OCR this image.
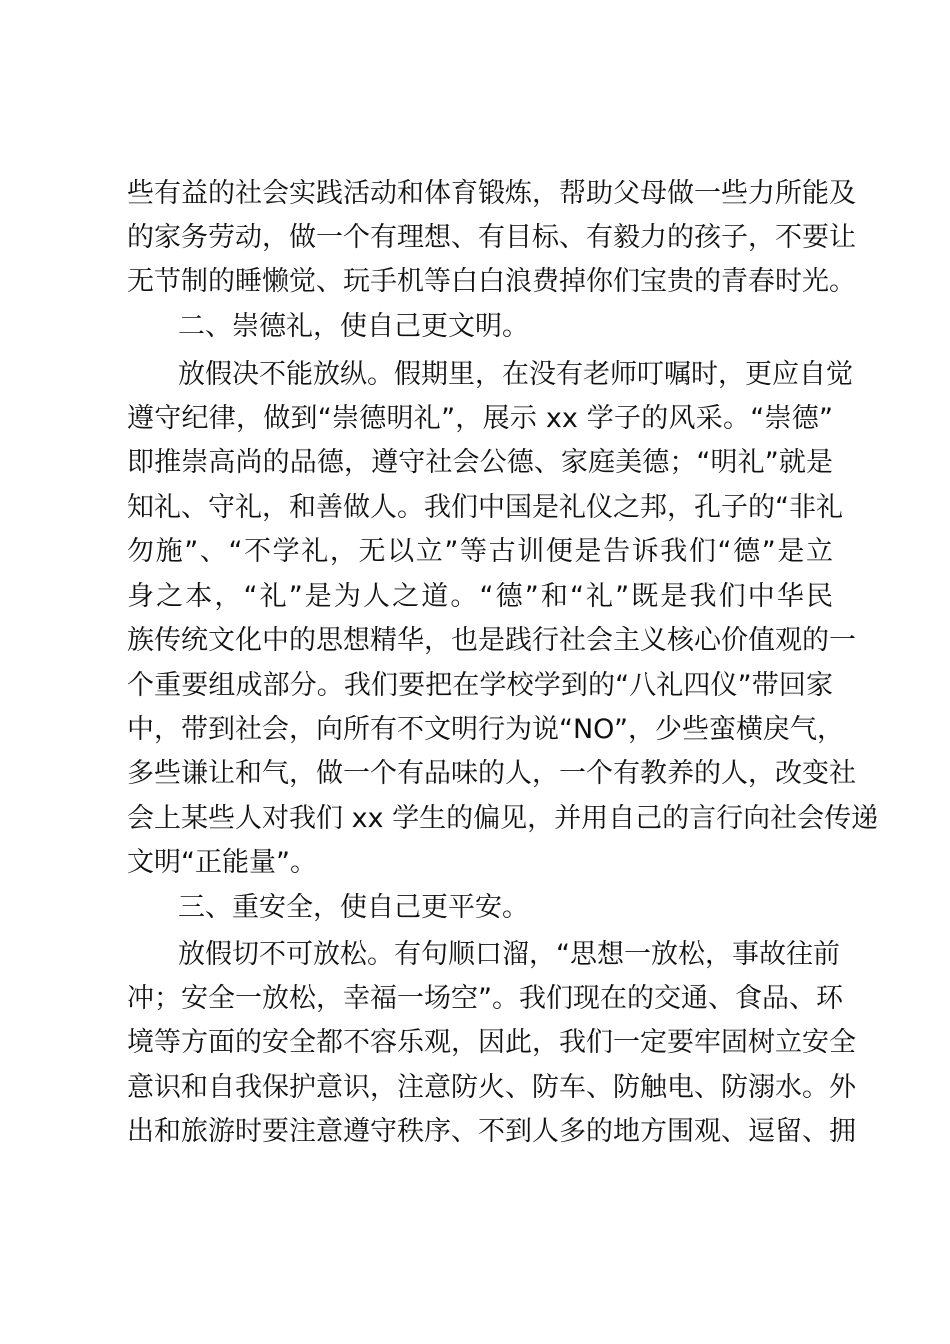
些有益的社会实践活动和体育锻炼，帮助父母做一些力所能及
的家务劳动，做一个有理想、有目标、有毅力的孩子，不要让
无节制的睡懒觉、玩手机等白白浪费掉你们宝贵的青春时光。
二、崇德礼，使自己更文明。
放假决不能放纵。假期里，在没有老师叮嘱时，更应自觉
遵守纪律，做到“崇德明礼”，展示 xx 学子的风采。“崇德”
即推崇高尚的品德，遵守社会公德、家庭美德；“明礼”就是
知礼、守礼，和善做人。我们中国是礼仪之邦，孔子的“非礼
勿施”、“不学礼，无以立”等古训便是告诉我们“德”是立
身之本，“礼”是为人之道。“德”和“礼”既是我们中华民
族传统文化中的思想精华，也是践行社会主义核心价值观的一
个重要组成部分。我们要把在学校学到的“八礼四仪”带回家
中，带到社会，向所有不文明行为说“NO”，少些蛮横戾气，
多些谦让和气，做一个有品味的人，一个有教养的人，改变社
会上某些人对我们 xx 学生的偏见，并用自己的言行向社会传递
文明“正能量”。
三、重安全，使自己更平安。
放假切不可放松。有句顺口溜，“思想一放松，事故往前
冲；安全一放松，幸福一场空”。我们现在的交通、食品、环
境等方面的安全都不容乐观，因此，我们一定要牢固树立安全
意识和自我保护意识，注意防火、防车、防触电、防溺水。外
出和旅游时要注意遵守秩序、不到人多的地方围观、逗留、拥
